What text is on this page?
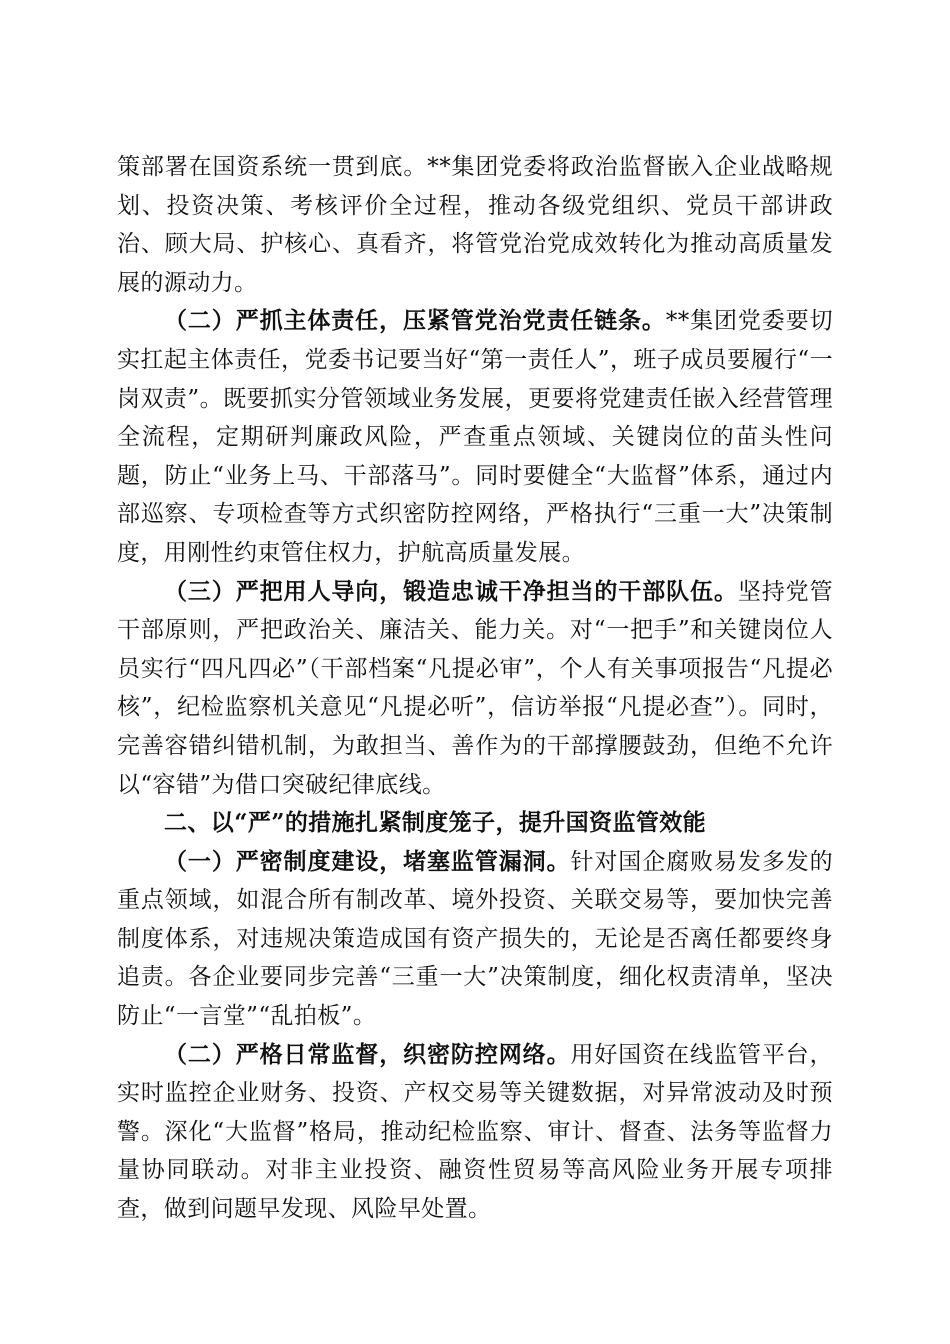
策部署在国资系统一贯到底。**集团党委将政治监督嵌入企业战略规划、投资决策、考核评价全过程，推动各级党组织、党员干部讲政治、顾大局、护核心、真看齐，将管党治党成效转化为推动高质量发展的源动力。

（二）严抓主体责任，压紧管党治党责任链条。**集团党委要切实扛起主体责任，党委书记要当好“第一责任人”，班子成员要履行“一岗双责”。既要抓实分管领域业务发展，更要将党建责任嵌入经营管理全流程，定期研判廉政风险，严查重点领域、关键岗位的苗头性问题，防止“业务上马、干部落马”。同时要健全“大监督”体系，通过内部巡察、专项检查等方式织密防控网络，严格执行“三重一大”决策制度，用刚性约束管住权力，护航高质量发展。

（三）严把用人导向，锻造忠诚干净担当的干部队伍。坚持党管干部原则，严把政治关、廉洁关、能力关。对“一把手”和关键岗位人员实行“四凡四必”（干部档案“凡提必审”，个人有关事项报告“凡提必核”，纪检监察机关意见“凡提必听”，信访举报“凡提必查”）。同时，完善容错纠错机制，为敢担当、善作为的干部撑腰鼓劲，但绝不允许以“容错”为借口突破纪律底线。

二、以“严”的措施扎紧制度笼子，提升国资监管效能

（一）严密制度建设，堵塞监管漏洞。针对国企腐败易发多发的重点领域，如混合所有制改革、境外投资、关联交易等，要加快完善制度体系，对违规决策造成国有资产损失的，无论是否离任都要终身追责。各企业要同步完善“三重一大”决策制度，细化权责清单，坚决防止“一言堂”“乱拍板”。

（二）严格日常监督，织密防控网络。用好国资在线监管平台，实时监控企业财务、投资、产权交易等关键数据，对异常波动及时预警。深化“大监督”格局，推动纪检监察、审计、督查、法务等监督力量协同联动。对非主业投资、融资性贸易等高风险业务开展专项排查，做到问题早发现、风险早处置。
